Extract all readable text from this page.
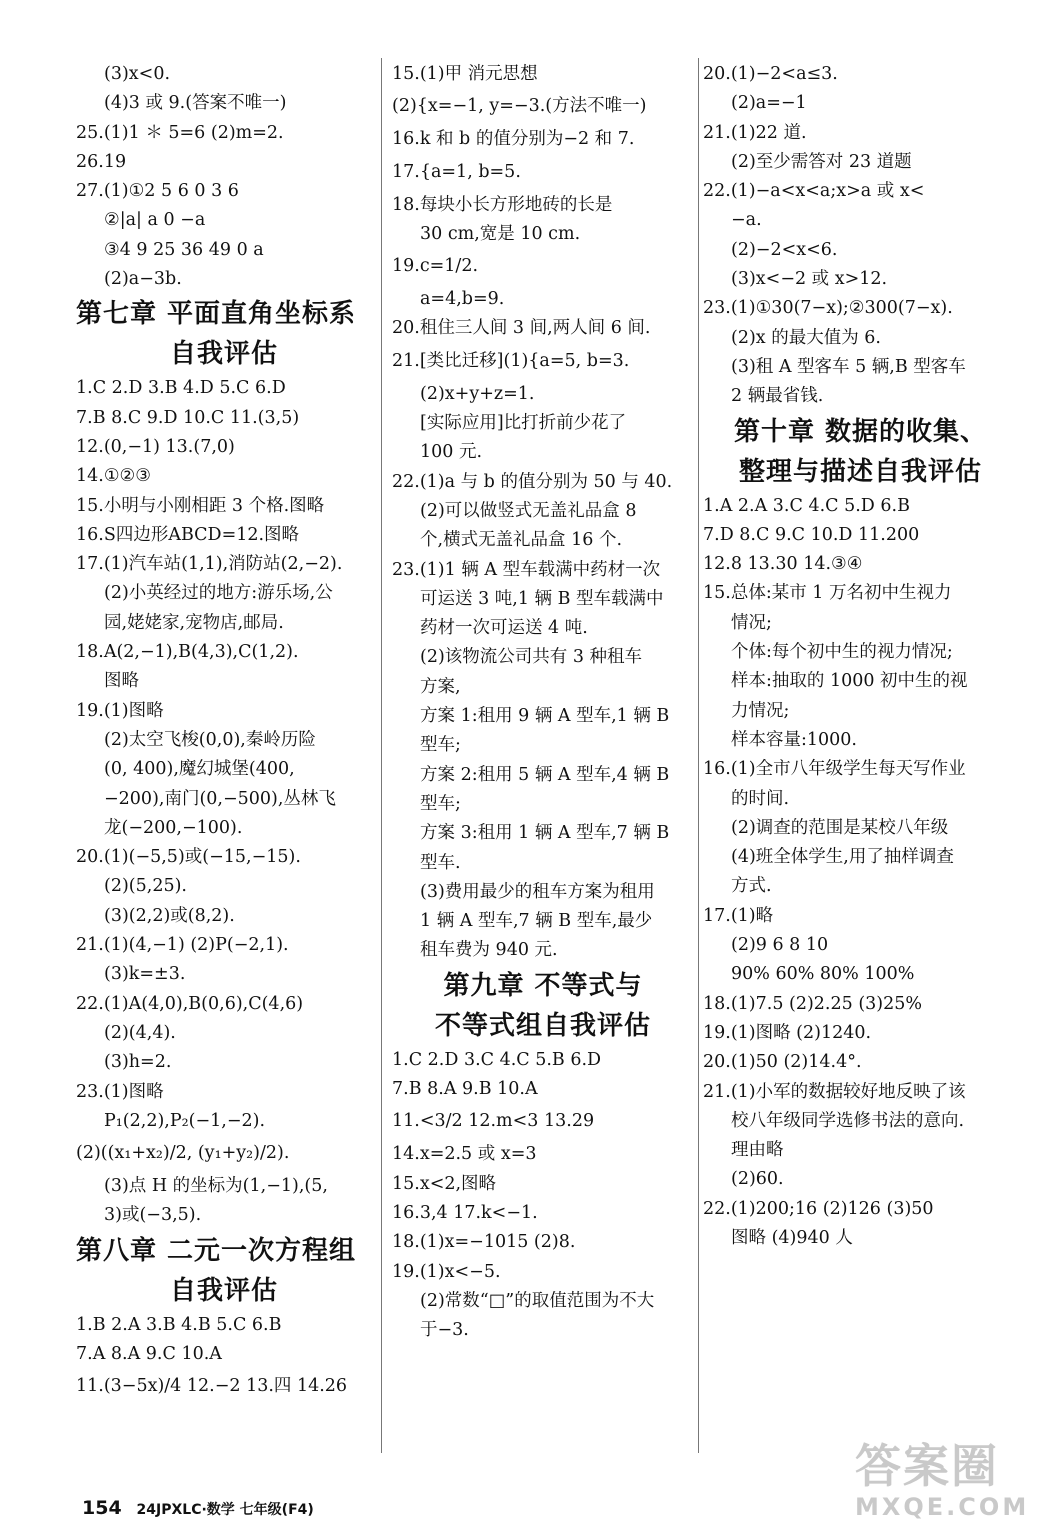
(3)x<0.
(4)3 或 9.(答案不唯一)
25.(1)1 ＊ 5=6 (2)m=2.
26.19
27.(1)①2 5 6 0 3 6
②|a| a 0 −a
③4 9 25 36 49 0 a
(2)a−3b.
第七章 平面直角坐标系
自我评估
1.C 2.D 3.B 4.D 5.C 6.D
7.B 8.C 9.D 10.C 11.(3,5)
12.(0,−1) 13.(7,0)
14.①②③
15.小明与小刚相距 3 个格.图略
16.S四边形ABCD=12.图略
17.(1)汽车站(1,1),消防站(2,−2).
(2)小英经过的地方:游乐场,公
园,姥姥家,宠物店,邮局.
18.A(2,−1),B(4,3),C(1,2).
图略
19.(1)图略
(2)太空飞梭(0,0),秦岭历险
(0, 400),魔幻城堡(400,
−200),南门(0,−500),丛林飞
龙(−200,−100).
20.(1)(−5,5)或(−15,−15).
(2)(5,25).
(3)(2,2)或(8,2).
21.(1)(4,−1) (2)P(−2,1).
(3)k=±3.
22.(1)A(4,0),B(0,6),C(4,6)
(2)(4,4).
(3)h=2.
23.(1)图略
P₁(2,2),P₂(−1,−2).
(2)((x₁+x₂)/2, (y₁+y₂)/2).
(3)点 H 的坐标为(1,−1),(5,
3)或(−3,5).
第八章 二元一次方程组
自我评估
1.B 2.A 3.B 4.B 5.C 6.B
7.A 8.A 9.C 10.A
11.(3−5x)/4 12.−2 13.四 14.26
15.(1)甲 消元思想
(2){x=−1, y=−3.(方法不唯一)
16.k 和 b 的值分别为−2 和 7.
17.{a=1, b=5.
18.每块小长方形地砖的长是
30 cm,宽是 10 cm.
19.c=1/2.
a=4,b=9.
20.租住三人间 3 间,两人间 6 间.
21.[类比迁移](1){a=5, b=3.
(2)x+y+z=1.
[实际应用]比打折前少花了
100 元.
22.(1)a 与 b 的值分别为 50 与 40.
(2)可以做竖式无盖礼品盒 8
个,横式无盖礼品盒 16 个.
23.(1)1 辆 A 型车载满中药材一次
可运送 3 吨,1 辆 B 型车载满中
药材一次可运送 4 吨.
(2)该物流公司共有 3 种租车
方案,
方案 1:租用 9 辆 A 型车,1 辆 B
型车;
方案 2:租用 5 辆 A 型车,4 辆 B
型车;
方案 3:租用 1 辆 A 型车,7 辆 B
型车.
(3)费用最少的租车方案为租用
1 辆 A 型车,7 辆 B 型车,最少
租车费为 940 元.
第九章 不等式与
不等式组自我评估
1.C 2.D 3.C 4.C 5.B 6.D
7.B 8.A 9.B 10.A
11.<3/2 12.m<3 13.29
14.x=2.5 或 x=3
15.x<2,图略
16.3,4 17.k<−1.
18.(1)x=−1015 (2)8.
19.(1)x<−5.
(2)常数“□”的取值范围为不大
于−3.
20.(1)−2<a≤3.
(2)a=−1
21.(1)22 道.
(2)至少需答对 23 道题
22.(1)−a<x<a;x>a 或 x<
−a.
(2)−2<x<6.
(3)x<−2 或 x>12.
23.(1)①30(7−x);②300(7−x).
(2)x 的最大值为 6.
(3)租 A 型客车 5 辆,B 型客车
2 辆最省钱.
第十章 数据的收集、
整理与描述自我评估
1.A 2.A 3.C 4.C 5.D 6.B
7.D 8.C 9.C 10.D 11.200
12.8 13.30 14.③④
15.总体:某市 1 万名初中生视力
情况;
个体:每个初中生的视力情况;
样本:抽取的 1000 初中生的视
力情况;
样本容量:1000.
16.(1)全市八年级学生每天写作业
的时间.
(2)调查的范围是某校八年级
(4)班全体学生,用了抽样调查
方式.
17.(1)略
(2)9 6 8 10
90% 60% 80% 100%
18.(1)7.5 (2)2.25 (3)25%
19.(1)图略 (2)1240.
20.(1)50 (2)14.4°.
21.(1)小军的数据较好地反映了该
校八年级同学选修书法的意向.
理由略
(2)60.
22.(1)200;16 (2)126 (3)50
图略 (4)940 人
154 24JPXLC·数学 七年级(F4)
答案圈
MXQE.COM
